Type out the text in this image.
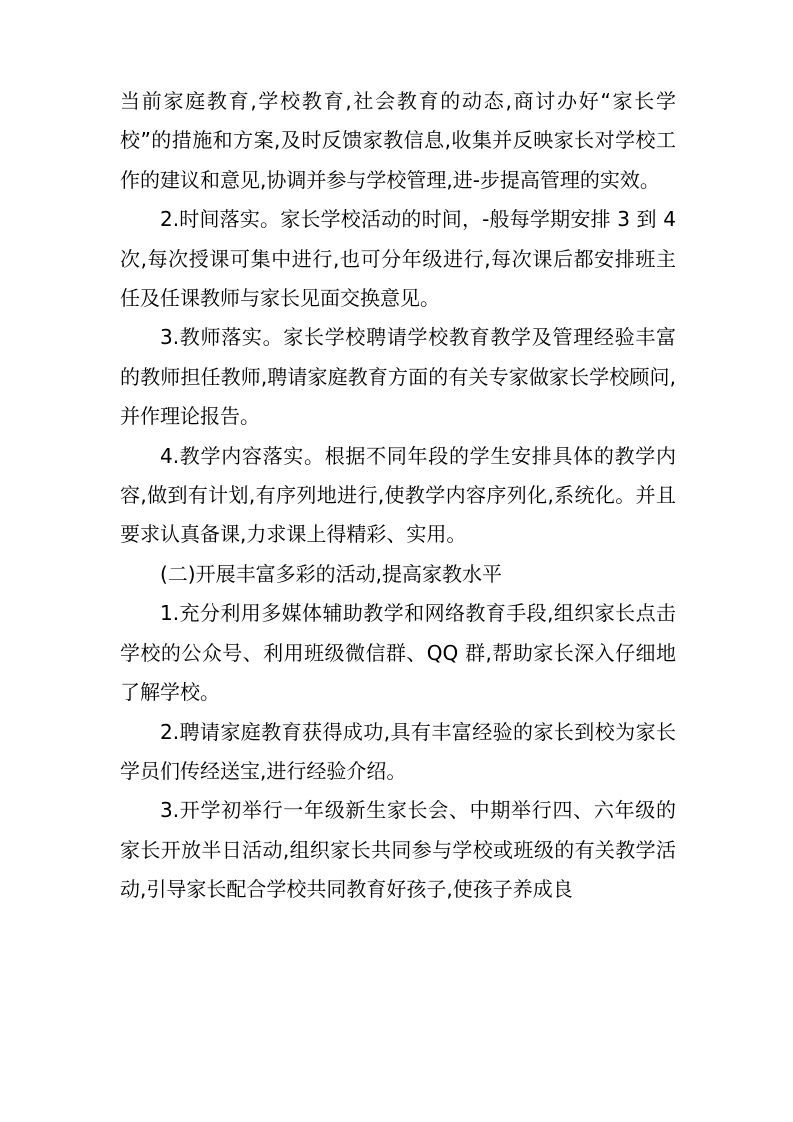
当前家庭教育,学校教育,社会教育的动态,商讨办好“家长学校”的措施和方案,及时反馈家教信息,收集并反映家长对学校工作的建议和意见,协调并参与学校管理,进-步提高管理的实效。

2.时间落实。家长学校活动的时间，-般每学期安排 3 到 4 次,每次授课可集中进行,也可分年级进行,每次课后都安排班主任及任课教师与家长见面交换意见。

3.教师落实。家长学校聘请学校教育教学及管理经验丰富的教师担任教师,聘请家庭教育方面的有关专家做家长学校顾问,并作理论报告。

4.教学内容落实。根据不同年段的学生安排具体的教学内容,做到有计划,有序列地进行,使教学内容序列化,系统化。并且要求认真备课,力求课上得精彩、实用。

(二)开展丰富多彩的活动,提高家教水平

1.充分利用多媒体辅助教学和网络教育手段,组织家长点击学校的公众号、利用班级微信群、QQ 群,帮助家长深入仔细地了解学校。

2.聘请家庭教育获得成功,具有丰富经验的家长到校为家长学员们传经送宝,进行经验介绍。

3.开学初举行一年级新生家长会、中期举行四、六年级的家长开放半日活动,组织家长共同参与学校或班级的有关教学活动,引导家长配合学校共同教育好孩子,使孩子养成良
